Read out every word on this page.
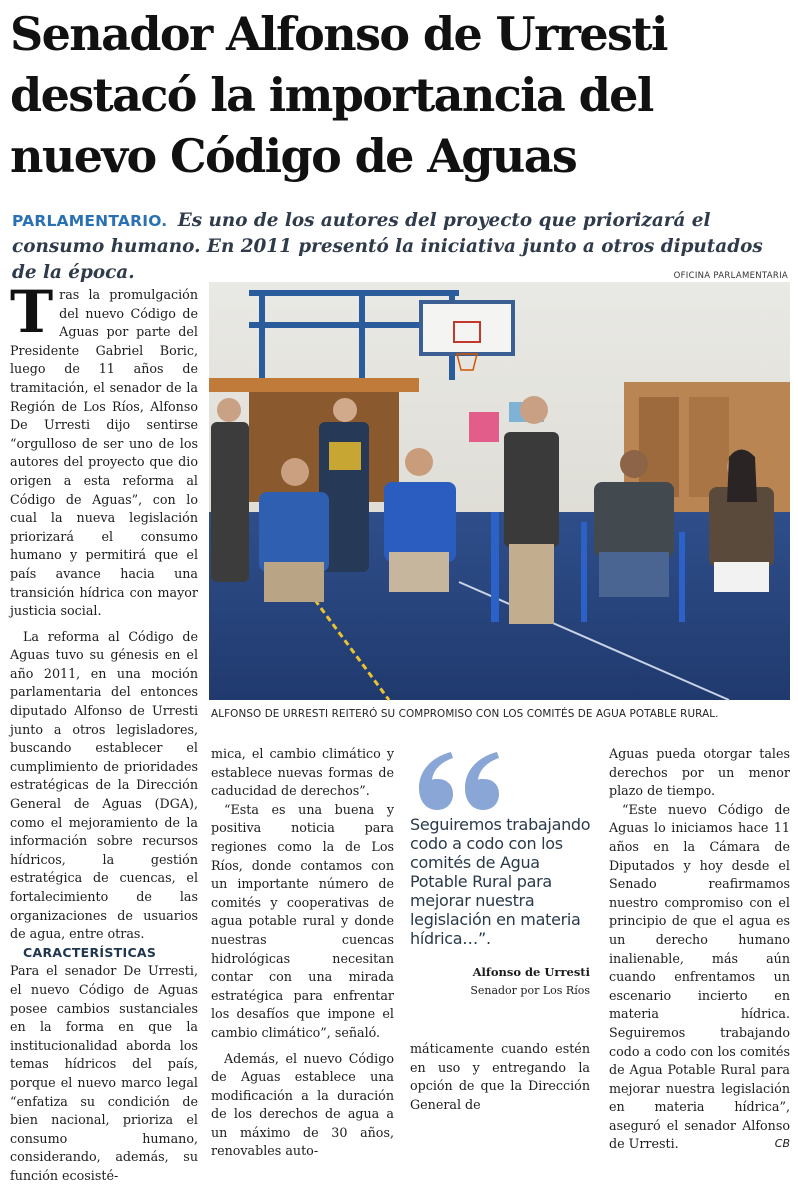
Senador Alfonso de Urresti
destacó la importancia del
nuevo Código de Aguas
PARLAMENTARIO. Es uno de los autores del proyecto que priorizará el consumo humano. En 2011 presentó la iniciativa junto a otros diputados de la época.	OFICINA PARLAMENTARIA
ALFONSO DE URRESTI REITERÓ SU COMPROMISO CON LOS COMITÉS DE AGUA POTABLE RURAL.

Tras la promulgación del nuevo Código de Aguas por parte del Presidente Gabriel Boric, luego de 11 años de tramitación, el senador de la Región de Los Ríos, Alfonso De Urresti dijo sentirse “orgulloso de ser uno de los autores del proyecto que dio origen a esta reforma al Código de Aguas”, con lo cual la nueva legislación priorizará el consumo humano y permitirá que el país avance hacia una transición hídrica con mayor justicia social.

La reforma al Código de Aguas tuvo su génesis en el año 2011, en una moción parlamentaria del entonces diputado Alfonso de Urresti junto a otros legisladores, buscando establecer el cumplimiento de prioridades estratégicas de la Dirección General de Aguas (DGA), como el mejoramiento de la información sobre recursos hídricos, la gestión estratégica de cuencas, el fortalecimiento de las organizaciones de usuarios de agua, entre otras.

CARACTERÍSTICAS

Para el senador De Urresti, el nuevo Código de Aguas posee cambios sustanciales en la forma en que la institucionalidad aborda los temas hídricos del país, porque el nuevo marco legal “enfatiza su condición de bien nacional, prioriza el consumo humano, considerando, además, su función ecosisté-

mica, el cambio climático y establece nuevas formas de caducidad de derechos”.

“Esta es una buena y positiva noticia para regiones como la de Los Ríos, donde contamos con un importante número de comités y cooperativas de agua potable rural y donde nuestras cuencas hidrológicas necesitan contar con una mirada estratégica para enfrentar los desafíos que impone el cambio climático”, señaló.

Además, el nuevo Código de Aguas establece una modificación a la duración de los derechos de agua a un máximo de 30 años, renovables auto-

Seguiremos trabajando codo a codo con los comités de Agua Potable Rural para mejorar nuestra legislación en materia hídrica…”.
Alfonso de Urresti
Senador por Los Ríos

máticamente cuando estén en uso y entregando la opción de que la Dirección General de

Aguas pueda otorgar tales derechos por un menor plazo de tiempo.

“Este nuevo Código de Aguas lo iniciamos hace 11 años en la Cámara de Diputados y hoy desde el Senado reafirmamos nuestro compromiso con el principio de que el agua es un derecho humano inalienable, más aún cuando enfrentamos un escenario incierto en materia hídrica. Seguiremos trabajando codo a codo con los comités de Agua Potable Rural para mejorar nuestra legislación en materia hídrica”, aseguró el senador Alfonso de Urresti.	CB
